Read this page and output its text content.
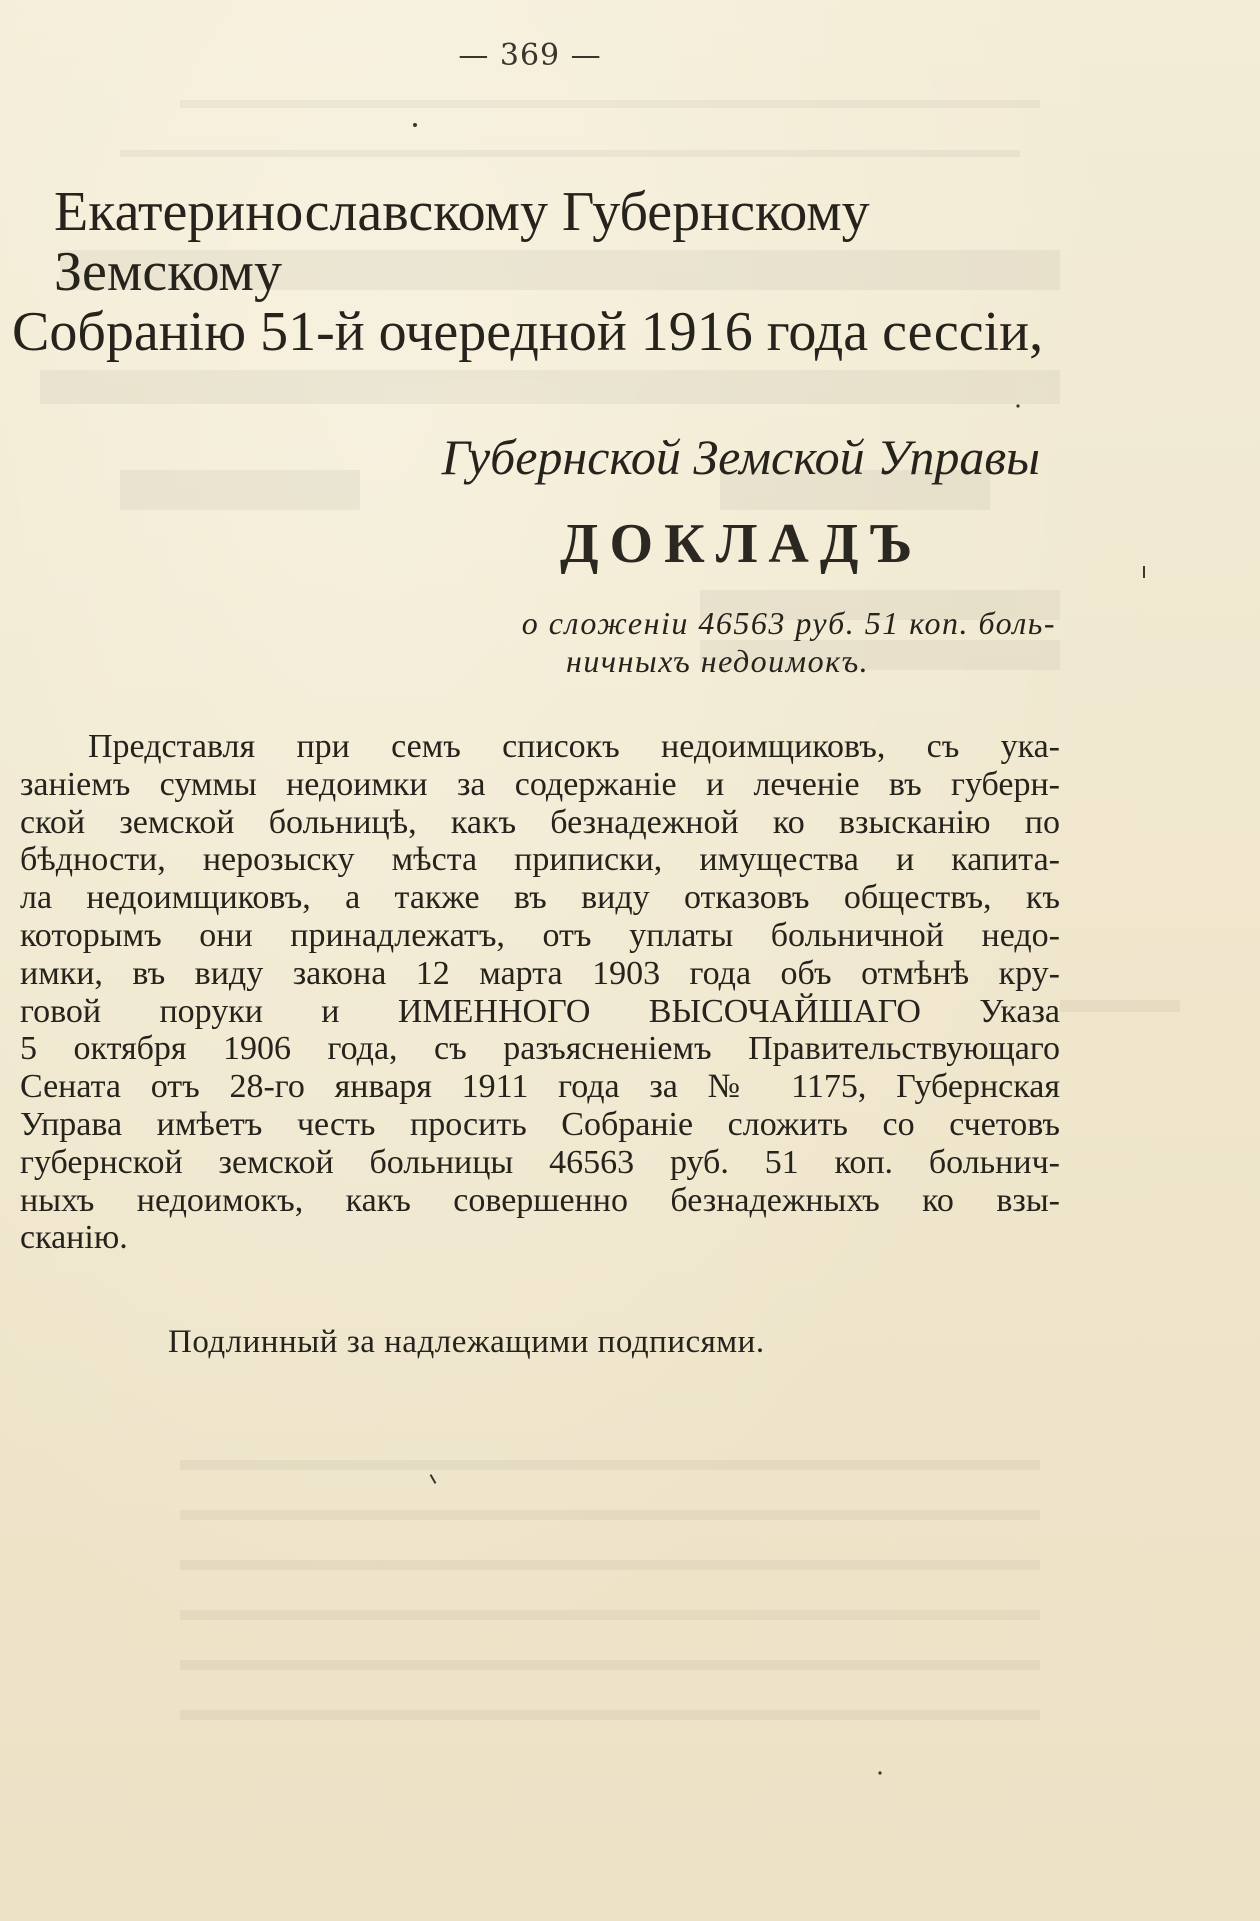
— 369 —
Екатеринославскому Губернскому Земскому
Собранію 51-й очередной 1916 года сессіи,
Губернской Земской Управы
ДОКЛАДЪ
о сложеніи 46563 руб. 51 коп. боль-
ничныхъ недоимокъ.
Представля при семъ списокъ недоимщиковъ, съ ука-
заніемъ суммы недоимки за содержаніе и леченіе въ губерн-
ской земской больницѣ, какъ безнадежной ко взысканію по
бѣдности, нерозыску мѣста приписки, имущества и капита-
ла недоимщиковъ, а также въ виду отказовъ обществъ, къ
которымъ они принадлежатъ, отъ уплаты больничной недо-
имки, въ виду закона 12 марта 1903 года объ отмѣнѣ кру-
говой поруки и ИМЕННОГО ВЫСОЧАЙШАГО Указа
5 октября 1906 года, съ разъясненіемъ Правительствующаго
Сената отъ 28-го января 1911 года за № 1175, Губернская
Управа имѣетъ честь просить Собраніе сложить со счетовъ
губернской земской больницы 46563 руб. 51 коп. больнич-
ныхъ недоимокъ, какъ совершенно безнадежныхъ ко взы-
сканію.
Подлинный за надлежащими подписями.
